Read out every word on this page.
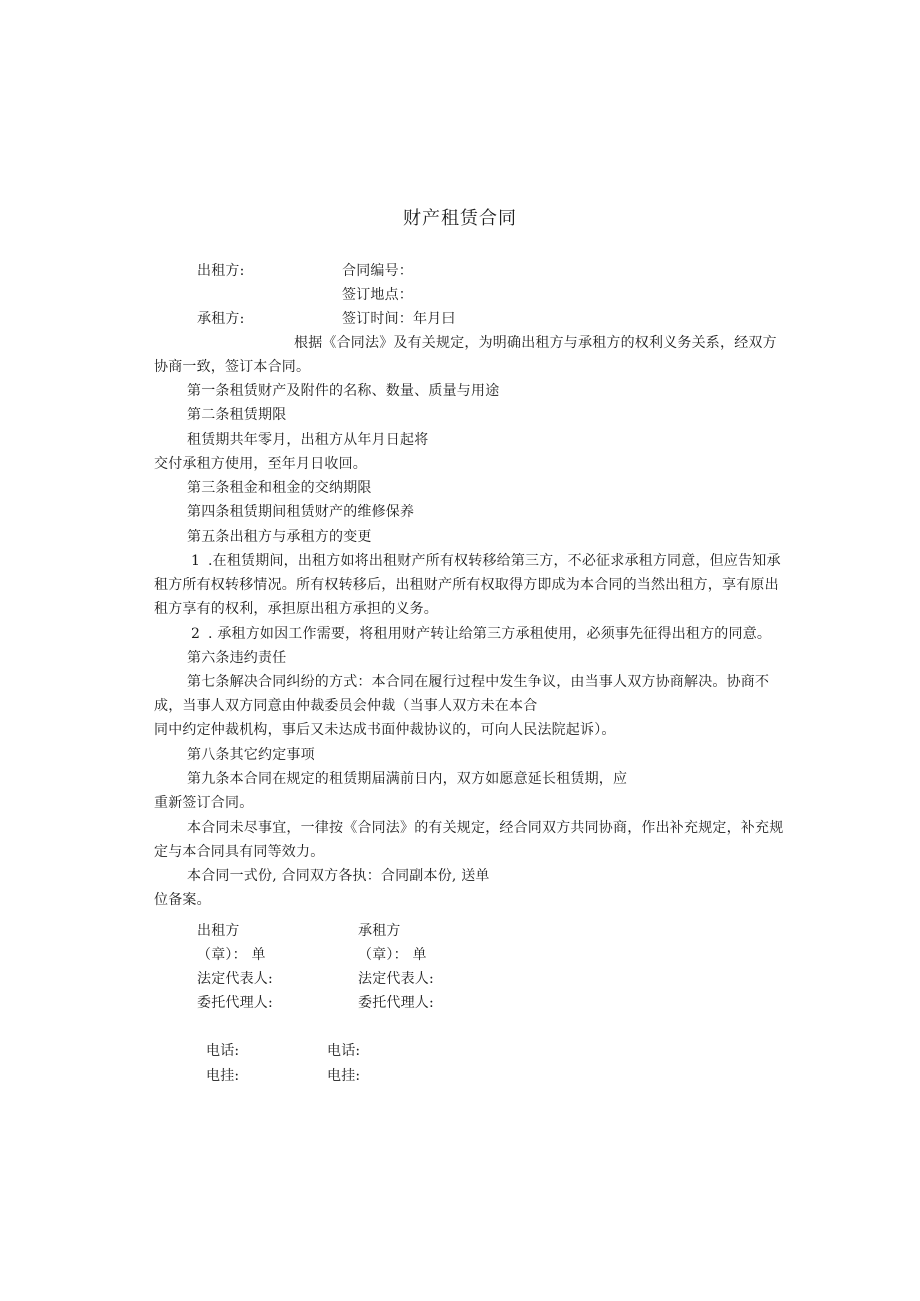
财产租赁合同
出租方:	合同编号：
签订地点：
承租方:	签订时间：年月曰
根据《合同法》及有关规定，为明确出租方与承租方的权利义务关系，经双方
协商一致，签订本合同。
第一条租赁财产及附件的名称、数量、质量与用途
第二条租赁期限
租赁期共年零月，出租方从年月日起将
交付承租方使用，至年月日收回。
第三条租金和租金的交纳期限
第四条租赁期间租赁财产的维修保养
第五条出租方与承租方的变更
1 .在租赁期间，出租方如将出租财产所有权转移给第三方，不必征求承租方同意，但应告知承
租方所有权转移情况。所有权转移后，出租财产所有权取得方即成为本合同的当然出租方，享有原出
租方享有的权利，承担原出租方承担的义务。
2 . 承租方如因工作需要，将租用财产转让给第三方承租使用，必须事先征得出租方的同意。
第六条违约责任
第七条解决合同纠纷的方式：本合同在履行过程中发生争议，由当事人双方协商解决。协商不
成，当事人双方同意由仲裁委员会仲裁（当事人双方未在本合
同中约定仲裁机构，事后又未达成书面仲裁协议的，可向人民法院起诉）。
第八条其它约定事项
第九条本合同在规定的租赁期届满前日内，双方如愿意延长租赁期，应
重新签订合同。
本合同未尽事宜，一律按《合同法》的有关规定，经合同双方共同协商，作出补充规定，补充规
定与本合同具有同等效力。
本合同一式份, 合同双方各执：合同副本份, 送单
位备案。
出租方
（章）： 单
法定代表人:
委托代理人:
电话:
电挂:
承租方
（章）： 单
法定代表人:
委托代理人:
电话:
电挂:
